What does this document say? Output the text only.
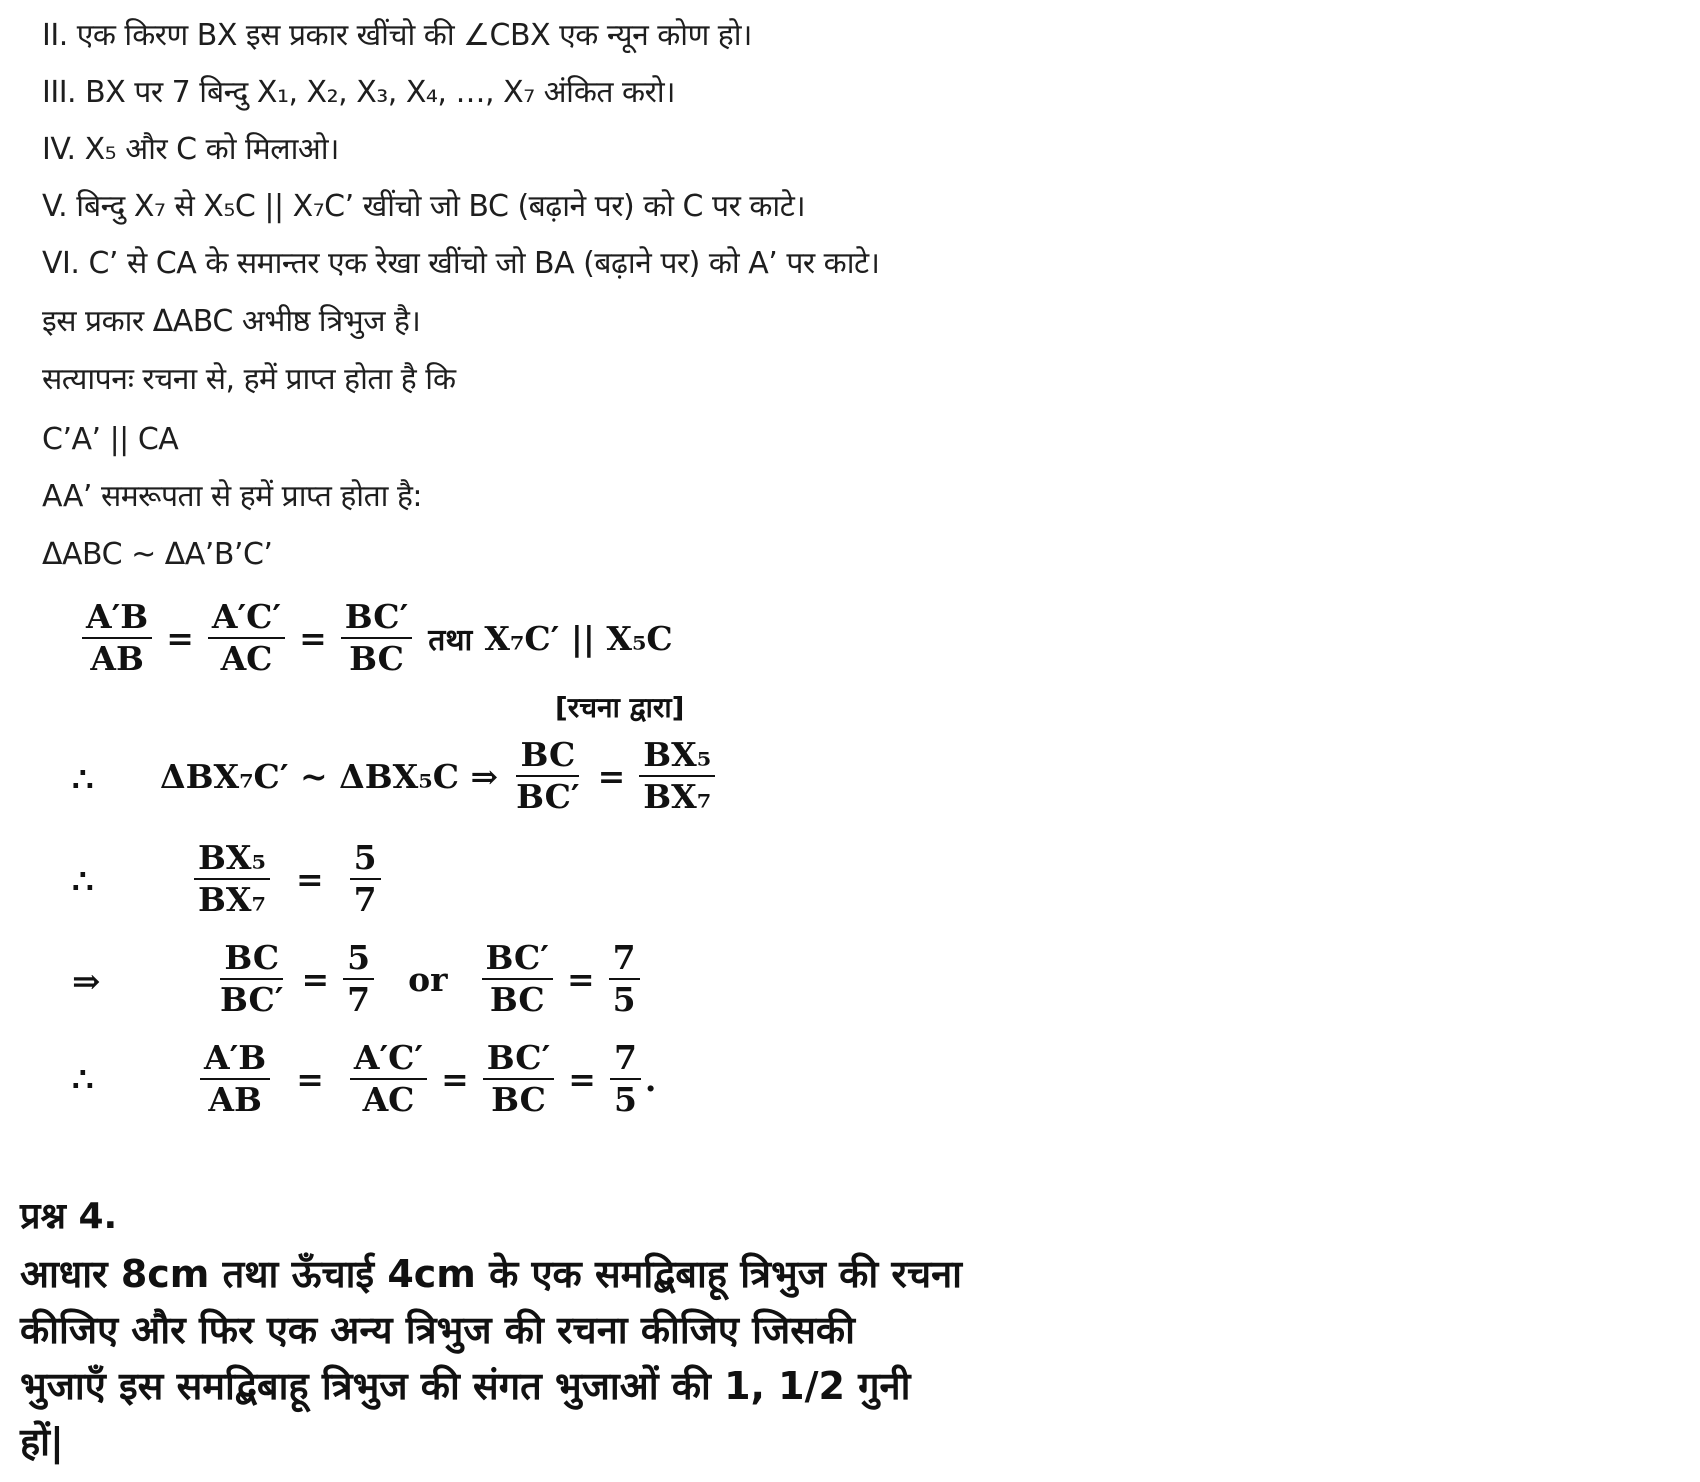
II. एक किरण BX इस प्रकार खींचो की ∠CBX एक न्यून कोण हो।
III. BX पर 7 बिन्दु X₁, X₂, X₃, X₄, …, X₇ अंकित करो।
IV. X₅ और C को मिलाओ।
V. बिन्दु X₇ से X₅C || X₇C’ खींचो जो BC (बढ़ाने पर) को C पर काटे।
VI. C’ से CA के समान्तर एक रेखा खींचो जो BA (बढ़ाने पर) को A’ पर काटे।
इस प्रकार ΔABC अभीष्ठ त्रिभुज है।
सत्यापनः रचना से, हमें प्राप्त होता है कि
C’A’ || CA
AA’ समरूपता से हमें प्राप्त होता है:
ΔABC ~ ΔA’B’C’
$\frac{A'B}{AB} = \frac{A'C'}{AC} = \frac{BC'}{BC}$ तथा X₇C′ || X₅C
[रचना द्वारा]
∴ ΔBX₇C′ ~ ΔBX₅C ⇒ $\frac{BC}{BC'} = \frac{\text{BX₅}}{\text{BX₇}}$
∴	$\frac{\text{BX₅}}{\text{BX₇}} = \frac{5}{7}$
⇒	$\frac{BC}{BC'} = \frac{5}{7}$ or $\frac{BC'}{BC} = \frac{7}{5}$
∴	$\frac{A'B}{AB} = \frac{A'C'}{AC} = \frac{BC'}{BC} = \frac{7}{5}$ .
प्रश्न 4.
आधार 8cm तथा ऊँचाई 4cm के एक समद्बिबाहू त्रिभुज की रचना
कीजिए और फिर एक अन्य त्रिभुज की रचना कीजिए जिसकी
भुजाएँ इस समद्बिबाहू त्रिभुज की संगत भुजाओं की 1, 1/2 गुनी
हों|
